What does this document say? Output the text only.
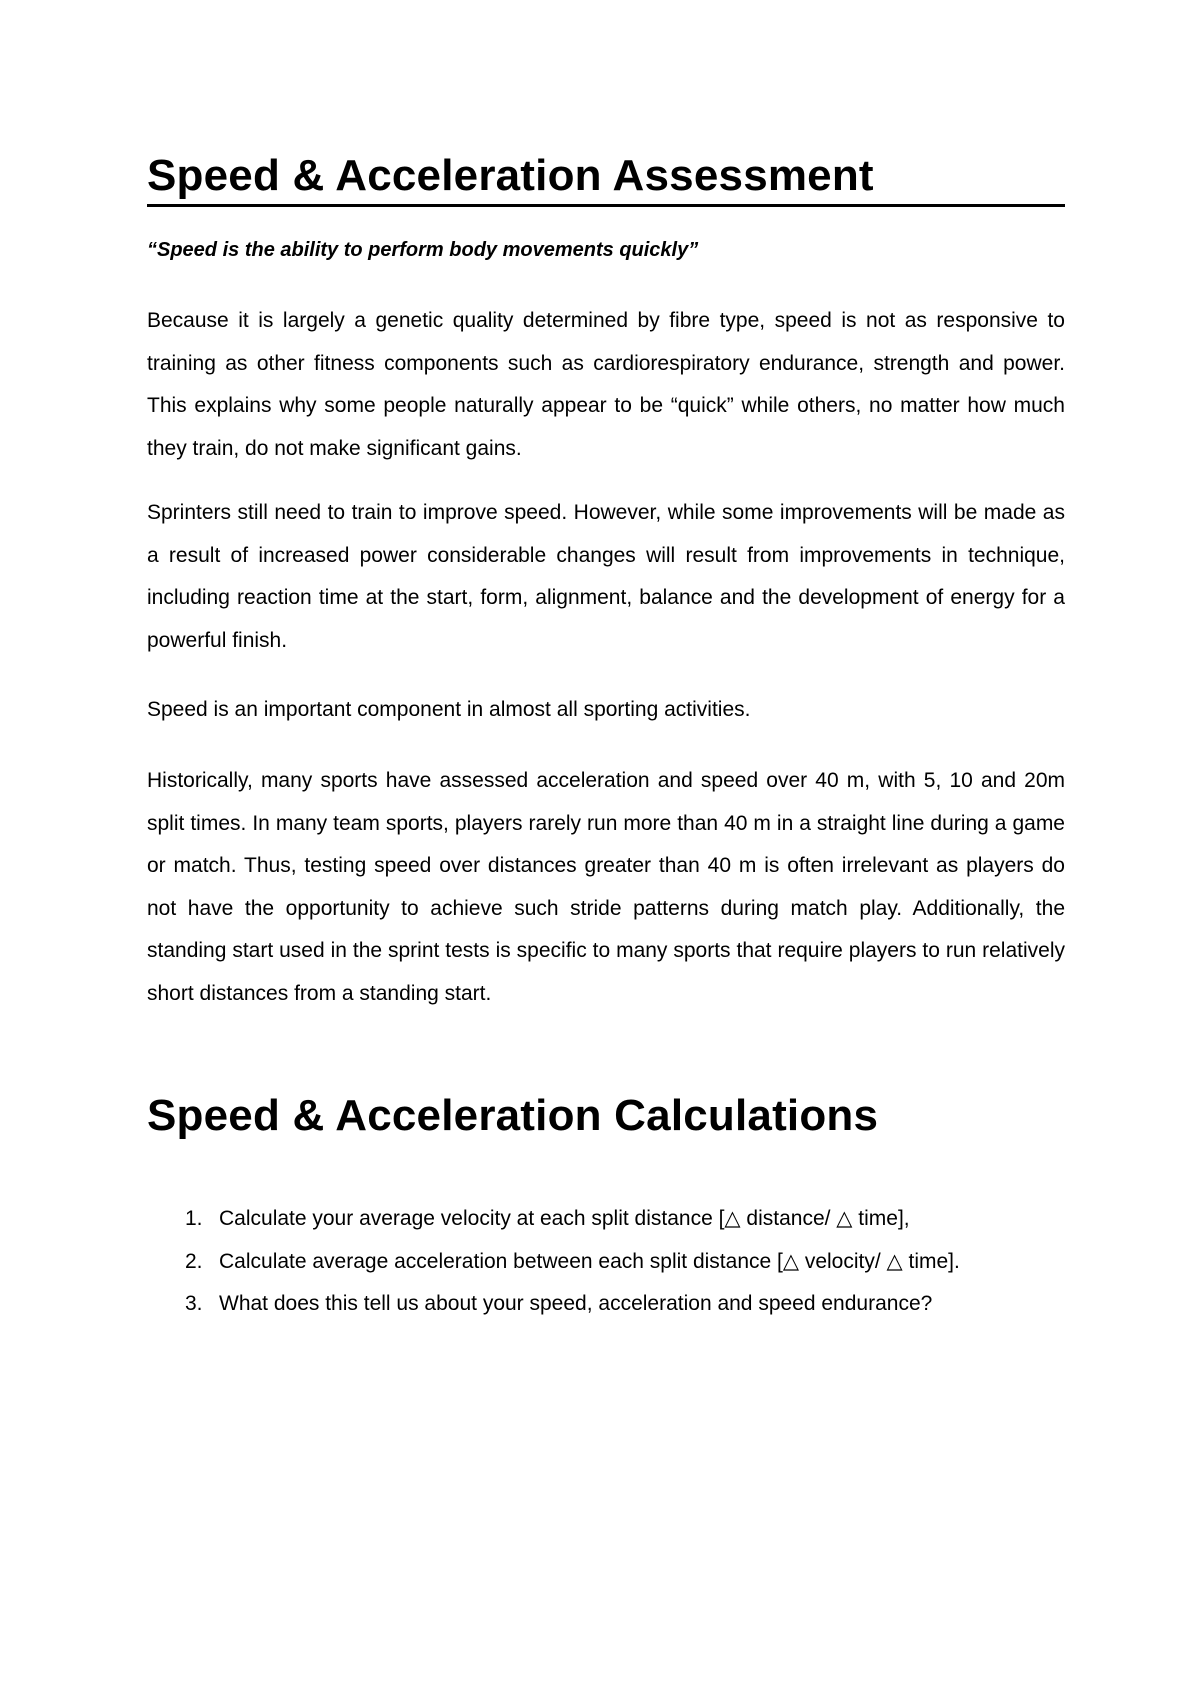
Speed & Acceleration Assessment

“Speed is the ability to perform body movements quickly”

Because it is largely a genetic quality determined by fibre type, speed is not as responsive to training as other fitness components such as cardiorespiratory endurance, strength and power. This explains why some people naturally appear to be “quick” while others, no matter how much they train, do not make significant gains.

Sprinters still need to train to improve speed. However, while some improvements will be made as a result of increased power considerable changes will result from improvements in technique, including reaction time at the start, form, alignment, balance and the development of energy for a powerful finish.

Speed is an important component in almost all sporting activities.

Historically, many sports have assessed acceleration and speed over 40 m, with 5, 10 and 20m split times. In many team sports, players rarely run more than 40 m in a straight line during a game or match. Thus, testing speed over distances greater than 40 m is often irrelevant as players do not have the opportunity to achieve such stride patterns during match play. Additionally, the standing start used in the sprint tests is specific to many sports that require players to run relatively short distances from a standing start.

Speed & Acceleration Calculations
1. Calculate your average velocity at each split distance [△ distance/ △ time],
2. Calculate average acceleration between each split distance [△ velocity/ △ time].
3. What does this tell us about your speed, acceleration and speed endurance?
